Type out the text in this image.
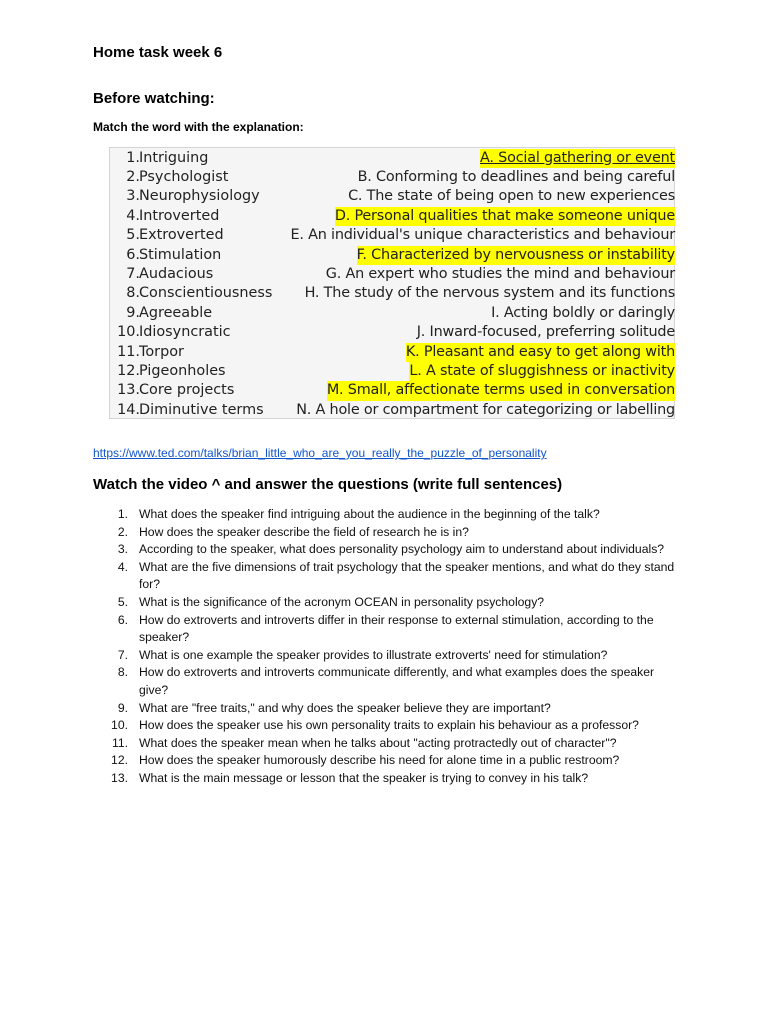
Home task week 6
Before watching:
Match the word with the explanation:
1. Intriguing	A. Social gathering or event
2. Psychologist	B. Conforming to deadlines and being careful
3. Neurophysiology	C. The state of being open to new experiences
4. Introverted	D. Personal qualities that make someone unique
5. Extroverted	E. An individual's unique characteristics and behaviour
6. Stimulation	F. Characterized by nervousness or instability
7. Audacious	G. An expert who studies the mind and behaviour
8. Conscientiousness H. The study of the nervous system and its functions
9. Agreeable	I. Acting boldly or daringly
10. Idiosyncratic	J. Inward-focused, preferring solitude
11. Torpor	K. Pleasant and easy to get along with
12. Pigeonholes	L. A state of sluggishness or inactivity
13. Core projects	M. Small, affectionate terms used in conversation
14. Diminutive terms N. A hole or compartment for categorizing or labelling
https://www.ted.com/talks/brian_little_who_are_you_really_the_puzzle_of_personality
Watch the video ^ and answer the questions (write full sentences)
1. What does the speaker find intriguing about the audience in the beginning of the talk?
2. How does the speaker describe the field of research he is in?
3. According to the speaker, what does personality psychology aim to understand about individuals?
4. What are the five dimensions of trait psychology that the speaker mentions, and what do they stand for?
5. What is the significance of the acronym OCEAN in personality psychology?
6. How do extroverts and introverts differ in their response to external stimulation, according to the speaker?
7. What is one example the speaker provides to illustrate extroverts' need for stimulation?
8. How do extroverts and introverts communicate differently, and what examples does the speaker give?
9. What are "free traits," and why does the speaker believe they are important?
10. How does the speaker use his own personality traits to explain his behaviour as a professor?
11. What does the speaker mean when he talks about "acting protractedly out of character"?
12. How does the speaker humorously describe his need for alone time in a public restroom?
13. What is the main message or lesson that the speaker is trying to convey in his talk?
